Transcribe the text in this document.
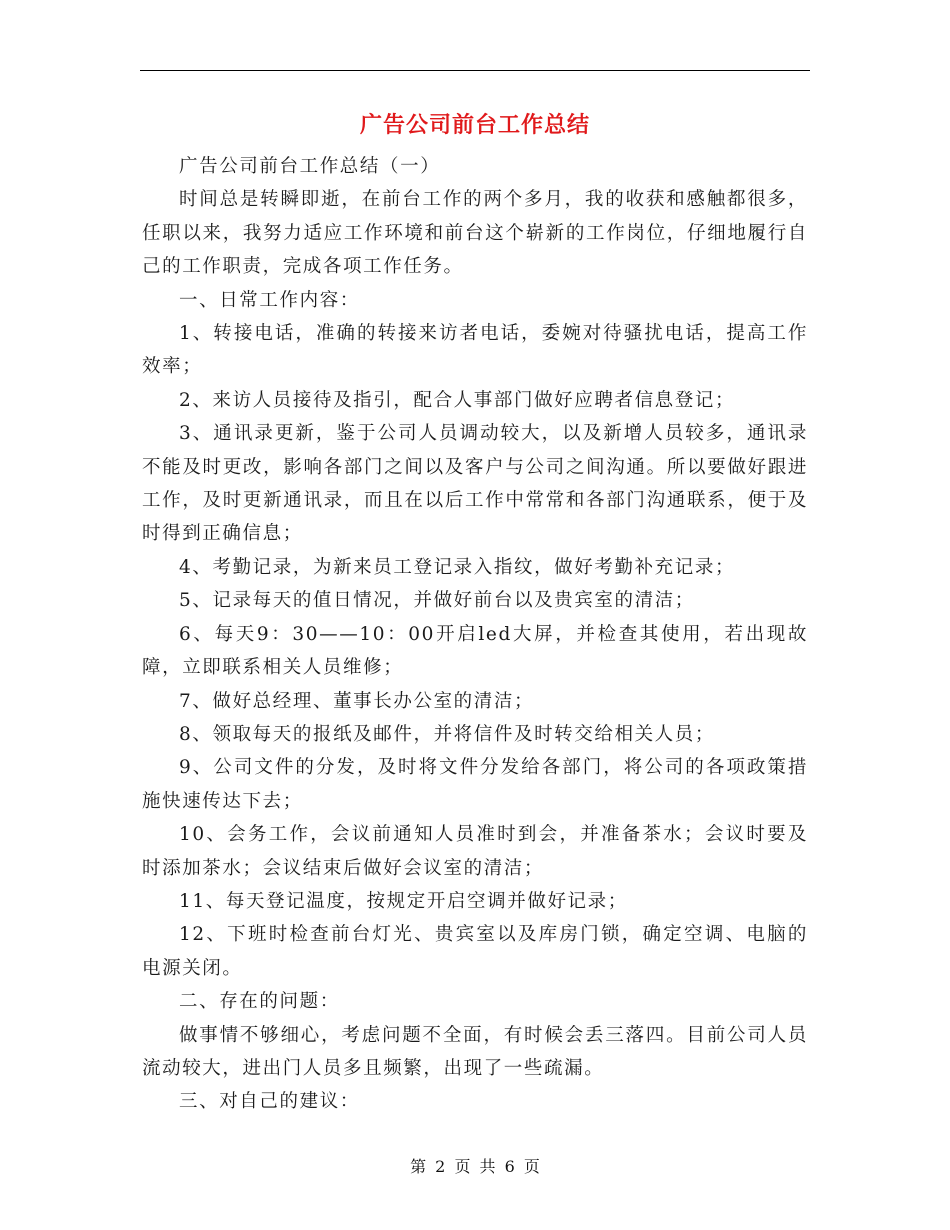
广告公司前台工作总结

广告公司前台工作总结（一）

时间总是转瞬即逝，在前台工作的两个多月，我的收获和感触都很多，任职以来，我努力适应工作环境和前台这个崭新的工作岗位，仔细地履行自己的工作职责，完成各项工作任务。

一、日常工作内容：

1、转接电话，准确的转接来访者电话，委婉对待骚扰电话，提高工作效率；

2、来访人员接待及指引，配合人事部门做好应聘者信息登记；

3、通讯录更新，鉴于公司人员调动较大，以及新增人员较多，通讯录不能及时更改，影响各部门之间以及客户与公司之间沟通。所以要做好跟进工作，及时更新通讯录，而且在以后工作中常常和各部门沟通联系，便于及时得到正确信息；

4、考勤记录，为新来员工登记录入指纹，做好考勤补充记录；

5、记录每天的值日情况，并做好前台以及贵宾室的清洁；

6、每天9：30——10：00开启led大屏，并检查其使用，若出现故障，立即联系相关人员维修；

7、做好总经理、董事长办公室的清洁；

8、领取每天的报纸及邮件，并将信件及时转交给相关人员；

9、公司文件的分发，及时将文件分发给各部门，将公司的各项政策措施快速传达下去；

10、会务工作，会议前通知人员准时到会，并准备茶水；会议时要及时添加茶水；会议结束后做好会议室的清洁；

11、每天登记温度，按规定开启空调并做好记录；

12、下班时检查前台灯光、贵宾室以及库房门锁，确定空调、电脑的电源关闭。

二、存在的问题：

做事情不够细心，考虑问题不全面，有时候会丢三落四。目前公司人员流动较大，进出门人员多且频繁，出现了一些疏漏。

三、对自己的建议：

第 2 页 共 6 页
